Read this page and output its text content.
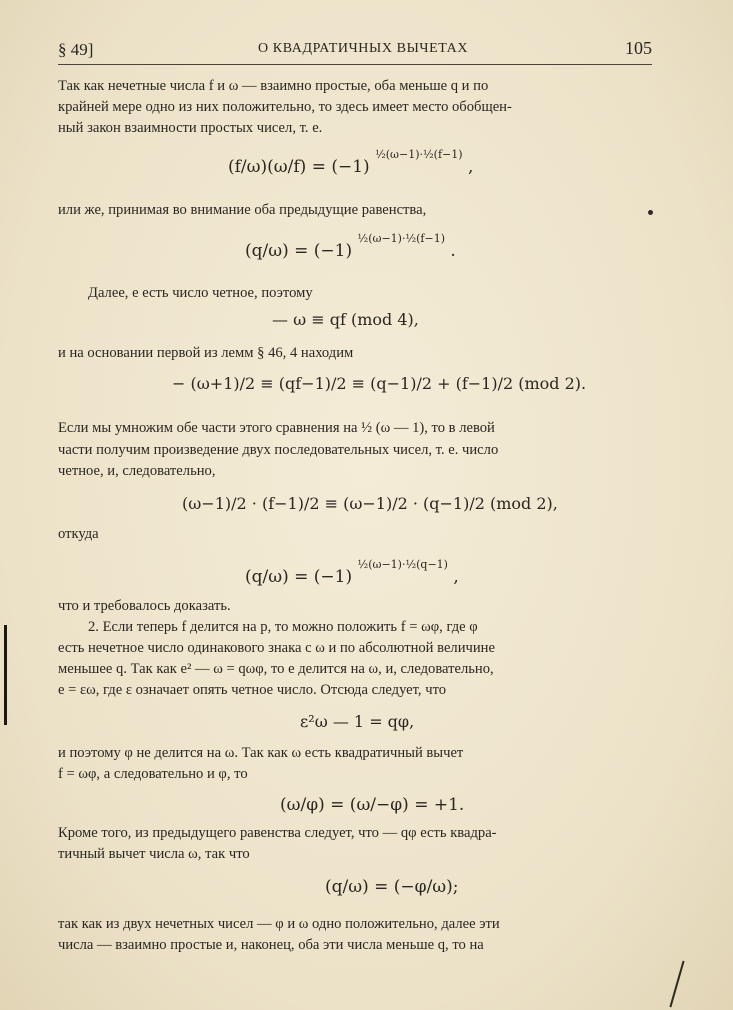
§ 49]	О КВАДРАТИЧНЫХ ВЫЧЕТАХ	105
Так как нечетные числа f и ω — взаимно простые, оба меньше q и по
крайней мере одно из них положительно, то здесь имеет место обобщен-
ный закон взаимности простых чисел, т. е.
(f/ω)(ω/f) = (−1) $^{\frac{1}{2}(\omega-1)\cdot\frac{1}{2}(f-1)}$ ,
или же, принимая во внимание оба предыдущие равенства,
(q/ω) = (−1) $^{\frac{1}{2}(\omega-1)\cdot\frac{1}{2}(f-1)}$ .
Далее, e есть число четное, поэтому
— ω ≡ qf (mod 4),
и на основании первой из лемм § 46, 4 находим
− (ω+1)/2 ≡ (qf−1)/2 ≡ (q−1)/2 + (f−1)/2 (mod 2).
Если мы умножим обе части этого сравнения на ½ (ω — 1), то в левой
части получим произведение двух последовательных чисел, т. е. число
четное, и, следовательно,
(ω−1)/2 · (f−1)/2 ≡ (ω−1)/2 · (q−1)/2 (mod 2),
откуда
(q/ω) = (−1) $^{\frac{1}{2}(\omega-1)\cdot\frac{1}{2}(q-1)}$ ,
что и требовалось доказать.
2. Если теперь f делится на p, то можно положить f = ωφ, где φ
есть нечетное число одинакового знака с ω и по абсолютной величине
меньшее q. Так как e² — ω = qωφ, то e делится на ω, и, следовательно,
e = εω, где ε означает опять четное число. Отсюда следует, что
ε²ω — 1 = qφ,
и поэтому φ не делится на ω. Так как ω есть квадратичный вычет
f = ωφ, а следовательно и φ, то
(ω/φ) = (ω/−φ) = +1.
Кроме того, из предыдущего равенства следует, что — qφ есть квадра-
тичный вычет числа ω, так что
(q/ω) = (−φ/ω);
так как из двух нечетных чисел — φ и ω одно положительно, далее эти
числа — взаимно простые и, наконец, оба эти числа меньше q, то на
